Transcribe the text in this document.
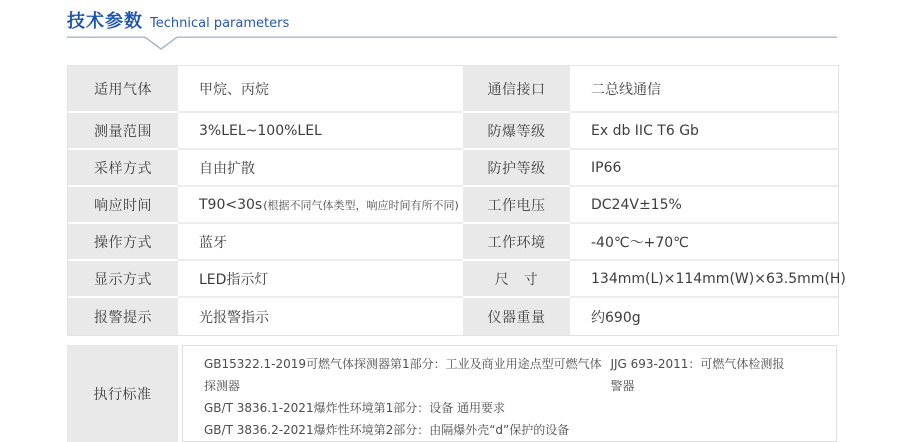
技术参数 Technical parameters
适用气体	甲烷、丙烷	通信接口	二总线通信
测量范围	3%LEL~100%LEL	防爆等级	Ex db IIC T6 Gb
采样方式	自由扩散	防护等级	IP66
响应时间	T90<30s (根据不同气体类型，响应时间有所不同)	工作电压	DC24V±15%
操作方式	蓝牙	工作环境	-40℃～+70℃
显示方式	LED指示灯	尺　寸	134mm(L)×114mm(W)×63.5mm(H)
报警提示	光报警指示	仪器重量	约690g
执行标准
GB15322.1-2019可燃气体探测器第1部分：工业及商业用途点型可燃气体探测器
JJG 693-2011：可燃气体检测报警器
GB/T 3836.1-2021爆炸性环境第1部分：设备 通用要求
GB/T 3836.2-2021爆炸性环境第2部分：由隔爆外壳“d”保护的设备
